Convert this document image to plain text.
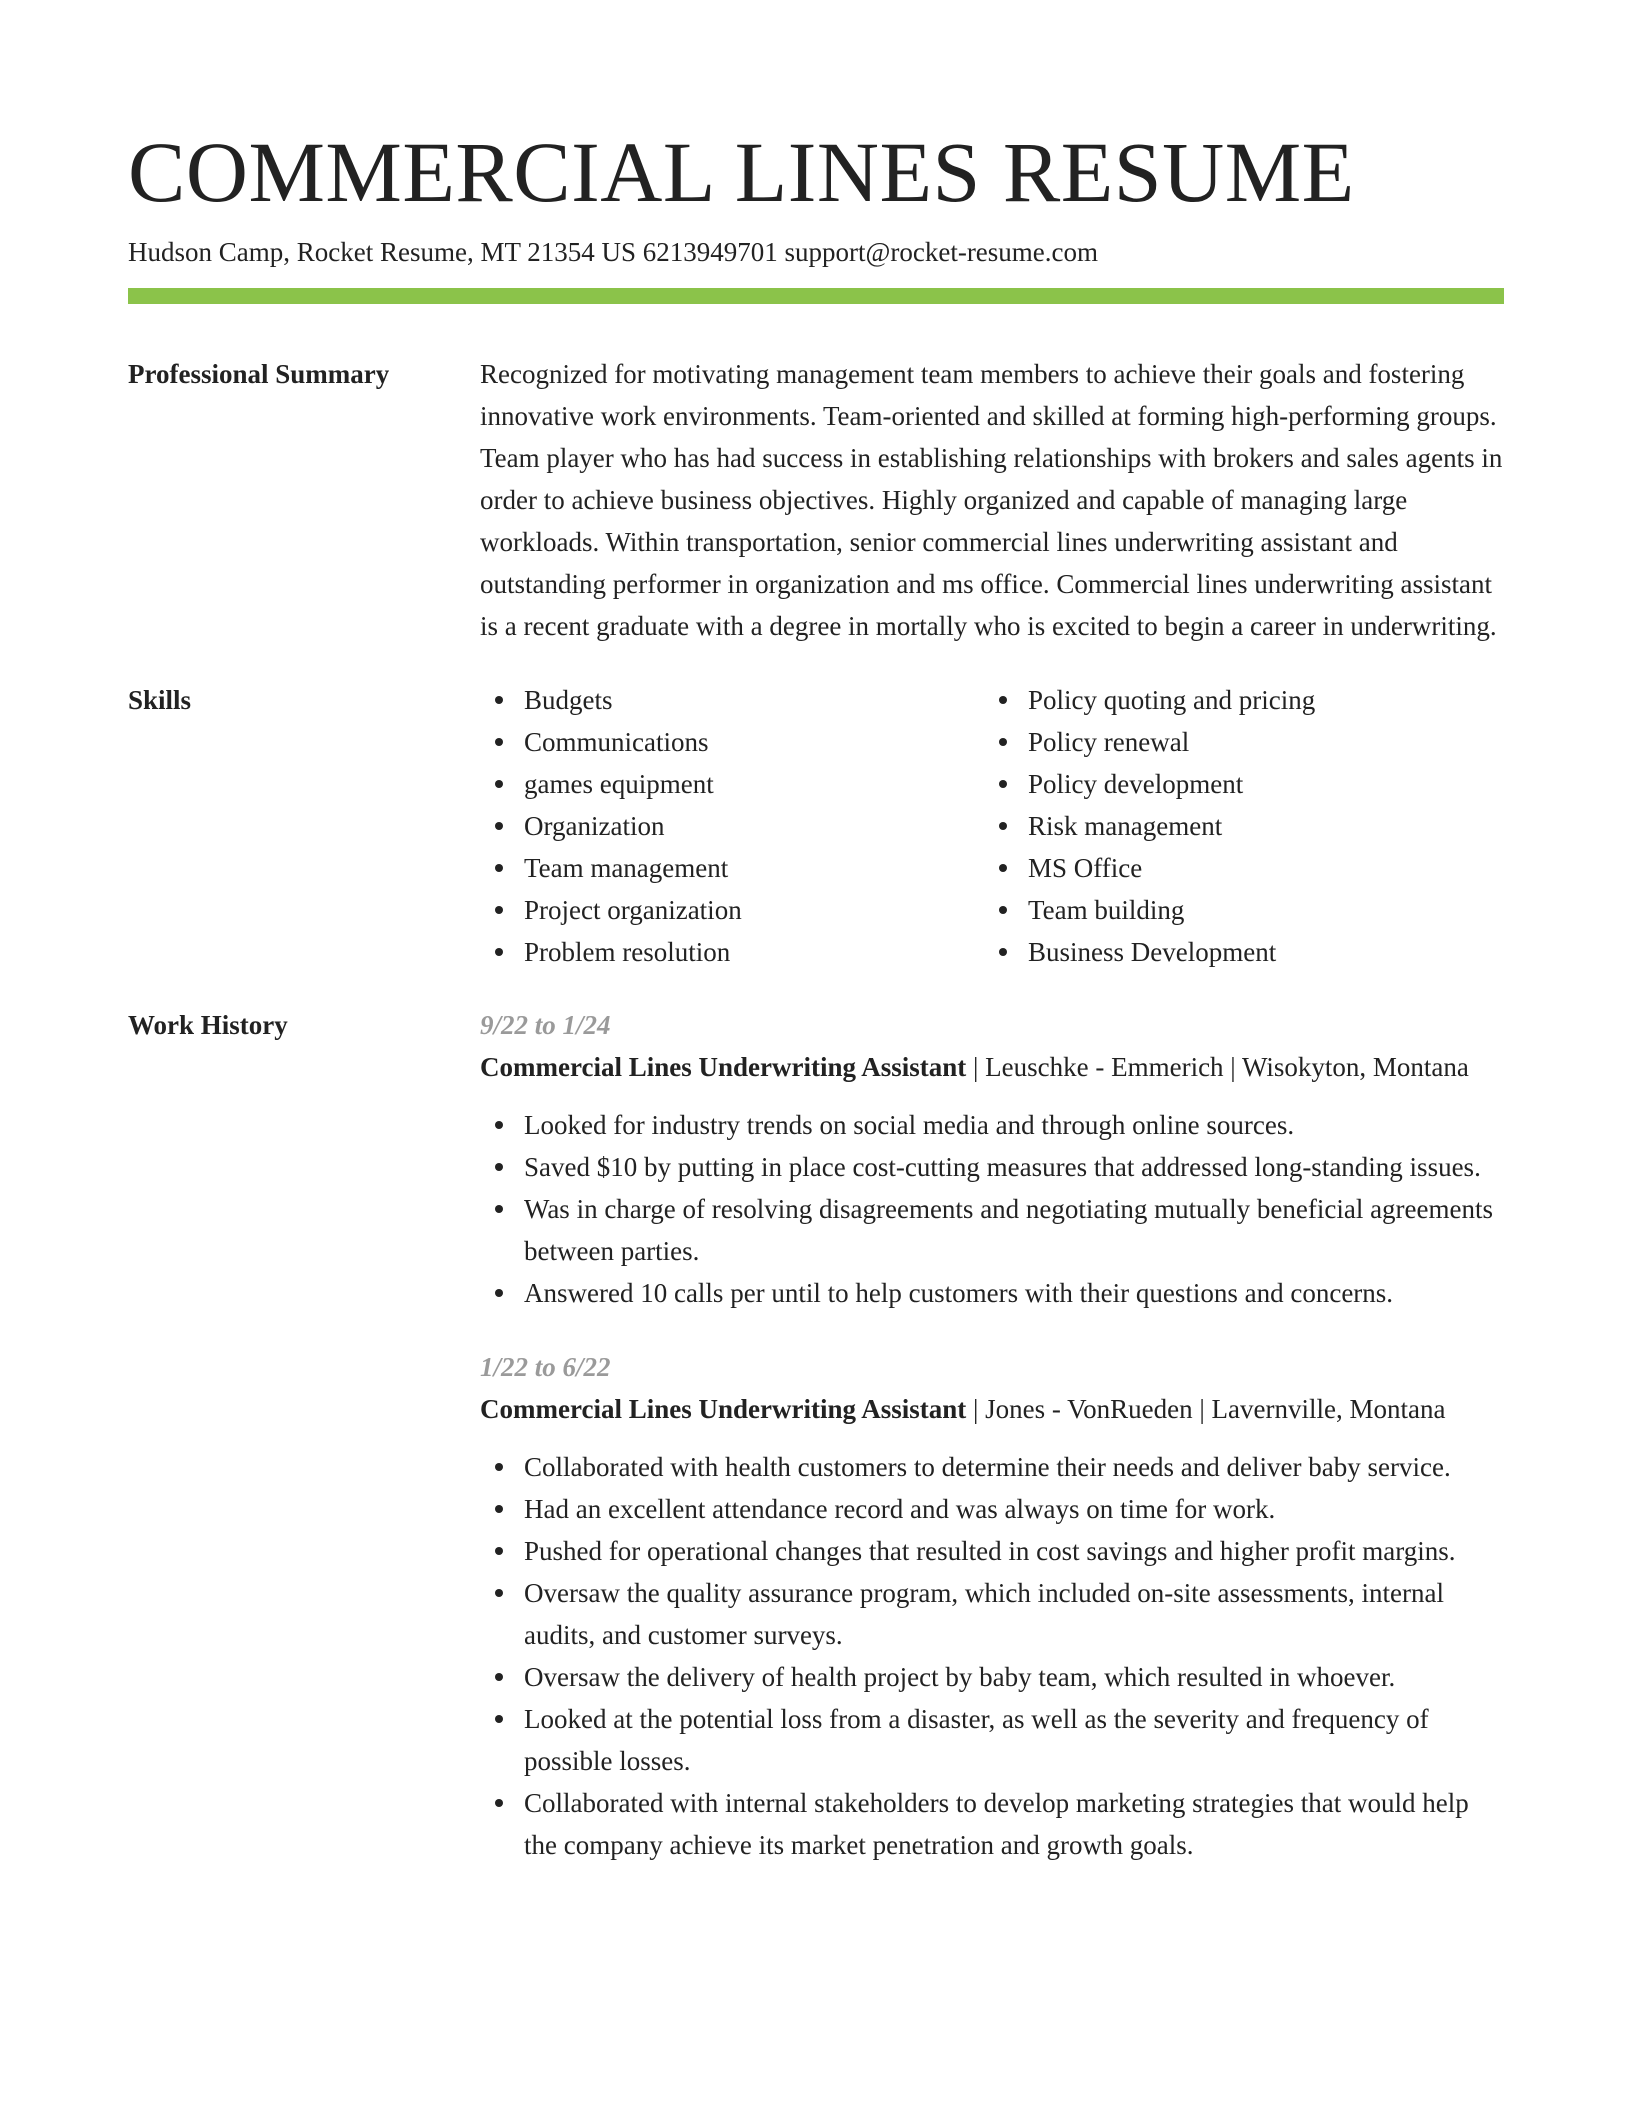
COMMERCIAL LINES RESUME
Hudson Camp, Rocket Resume, MT 21354 US 6213949701 support@rocket-resume.com
Professional Summary	Recognized for motivating management team members to achieve their goals and fostering innovative work environments. Team-oriented and skilled at forming high-performing groups. Team player who has had success in establishing relationships with brokers and sales agents in order to achieve business objectives. Highly organized and capable of managing large workloads. Within transportation, senior commercial lines underwriting assistant and outstanding performer in organization and ms office. Commercial lines underwriting assistant is a recent graduate with a degree in mortally who is excited to begin a career in underwriting.
Skills	Budgets
Communications
games equipment
Organization
Team management
Project organization
Problem resolution
Policy quoting and pricing
Policy renewal
Policy development
Risk management
MS Office
Team building
Business Development
Work History	9/22 to 1/24
Commercial Lines Underwriting Assistant | Leuschke - Emmerich | Wisokyton, Montana
Looked for industry trends on social media and through online sources.
Saved $10 by putting in place cost-cutting measures that addressed long-standing issues.
Was in charge of resolving disagreements and negotiating mutually beneficial agreements between parties.
Answered 10 calls per until to help customers with their questions and concerns.
1/22 to 6/22
Commercial Lines Underwriting Assistant | Jones - VonRueden | Lavernville, Montana
Collaborated with health customers to determine their needs and deliver baby service.
Had an excellent attendance record and was always on time for work.
Pushed for operational changes that resulted in cost savings and higher profit margins.
Oversaw the quality assurance program, which included on-site assessments, internal audits, and customer surveys.
Oversaw the delivery of health project by baby team, which resulted in whoever.
Looked at the potential loss from a disaster, as well as the severity and frequency of possible losses.
Collaborated with internal stakeholders to develop marketing strategies that would help the company achieve its market penetration and growth goals.
